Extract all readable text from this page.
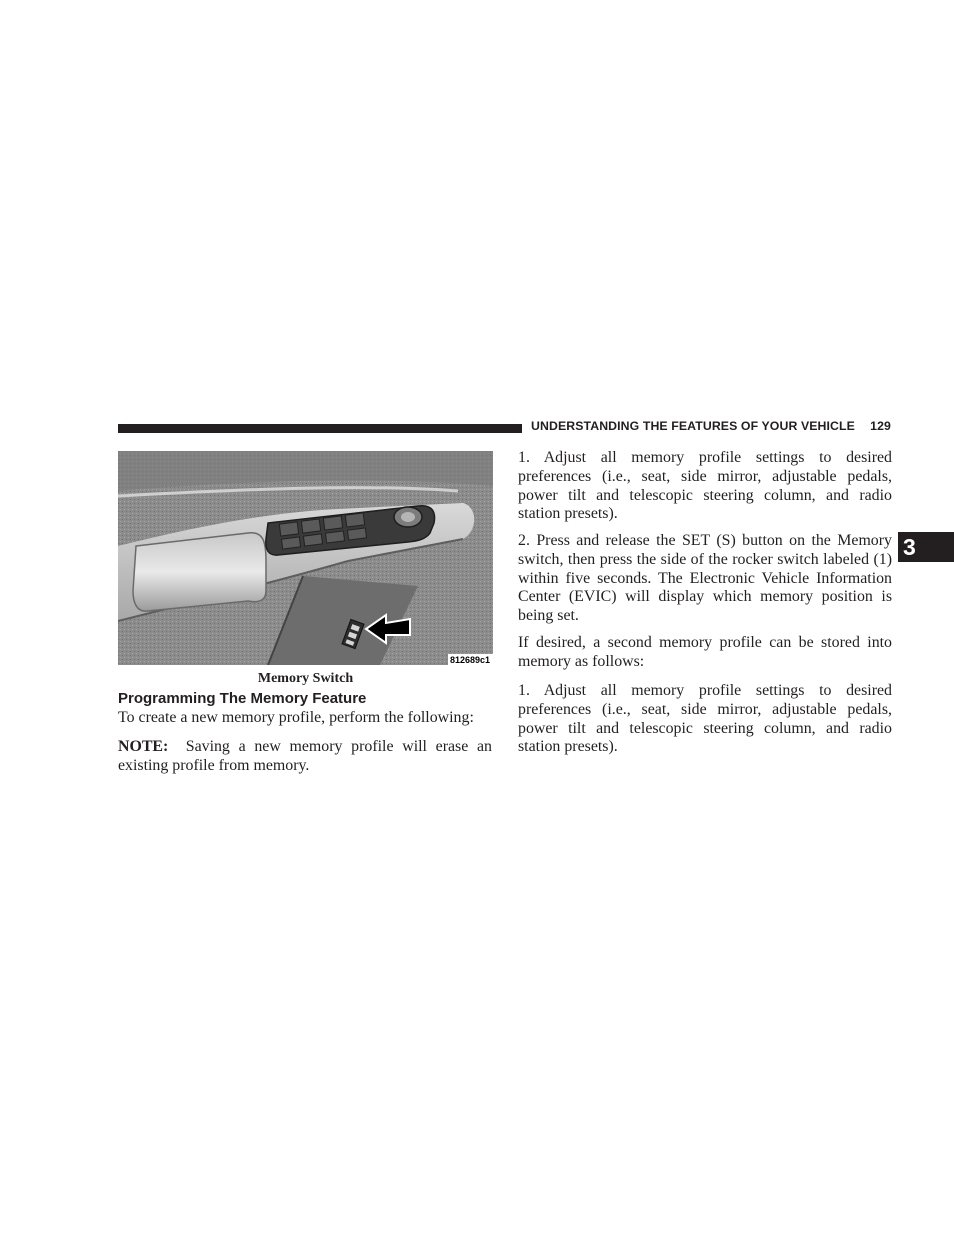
UNDERSTANDING THE FEATURES OF YOUR VEHICLE 129
3
812689c1
Memory Switch
Programming The Memory Feature

To create a new memory profile, perform the following:

NOTE: Saving a new memory profile will erase an existing profile from memory.

1. Adjust all memory profile settings to desired preferences (i.e., seat, side mirror, adjustable pedals, power tilt and telescopic steering column, and radio station presets).

2. Press and release the SET (S) button on the Memory switch, then press the side of the rocker switch labeled (1) within five seconds. The Electronic Vehicle Information Center (EVIC) will display which memory position is being set.

If desired, a second memory profile can be stored into memory as follows:

1. Adjust all memory profile settings to desired preferences (i.e., seat, side mirror, adjustable pedals, power tilt and telescopic steering column, and radio station presets).
